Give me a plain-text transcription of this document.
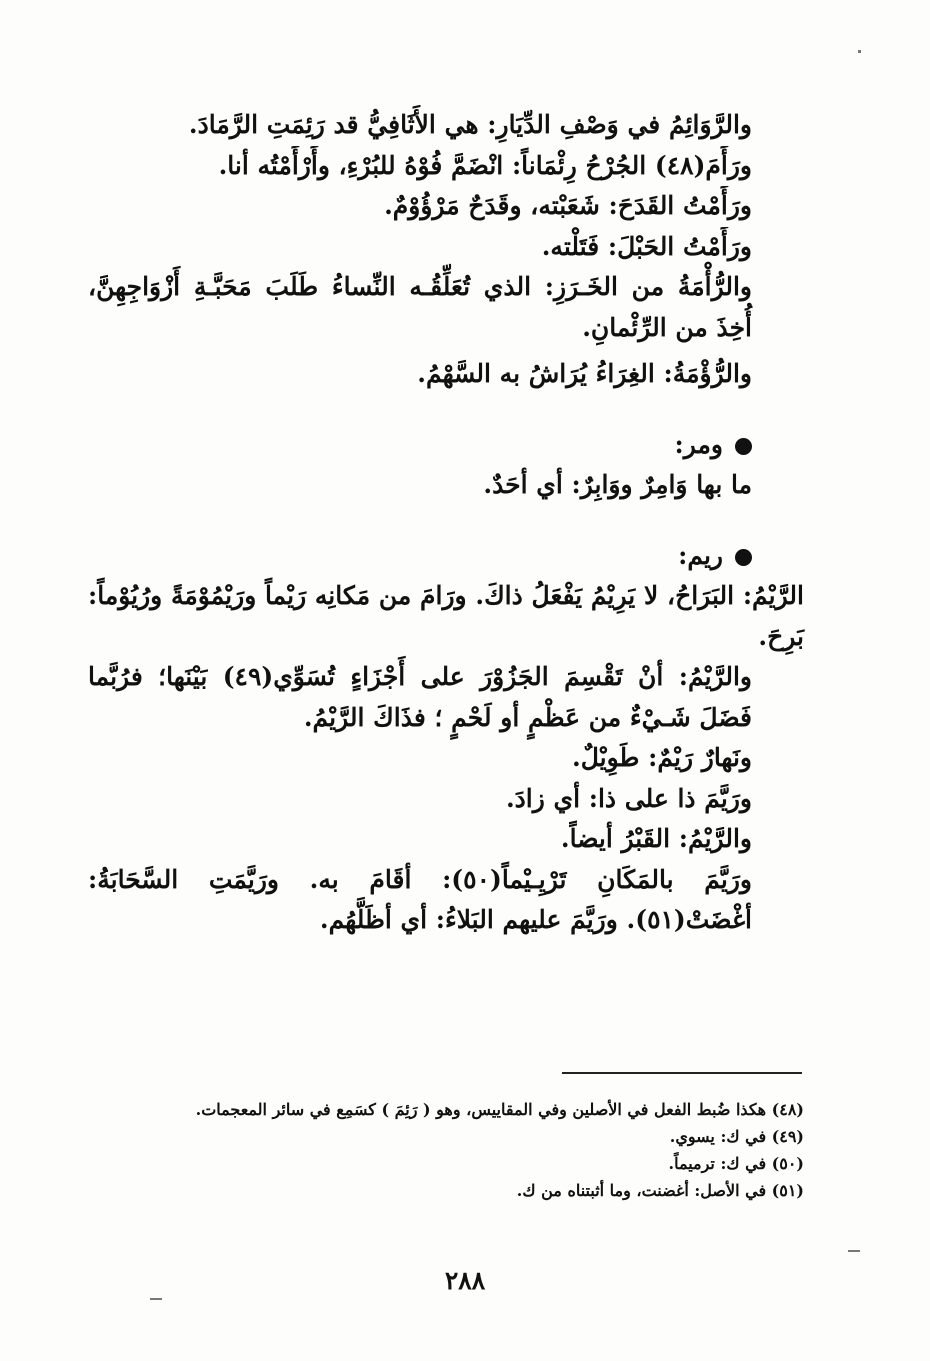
والرَّوَائِمُ في وَصْفِ الدِّيَارِ: هي الأَثَافِيُّ قد رَئِمَتِ الرَّمَادَ.

ورَأَمَ(٤٨) الجُرْحُ رِئْمَاناً: انْضَمَّ فُوْهُ للبُرْءِ، وأَرْأَمْتُه أنا.

ورَأَمْتُ القَدَحَ: شَعَبْته، وقَدَحٌ مَرْؤُوْمٌ.

ورَأَمْتُ الحَبْلَ: فَتَلْته.

والرُّأْمَةُ من الخَـرَزِ: الذي تُعَلِّقُـه النِّساءُ طَلَبَ مَحَبَّـةِ أَزْوَاجِهِنَّ، أُخِذَ من الرِّئْمانِ.

والرُّؤْمَةُ: الغِرَاءُ يُرَاشُ به السَّهْمُ.

ومر:

ما بها وَامِرٌ ووَابِرٌ: أي أحَدٌ.

ريم:

الرَّيْمُ: البَرَاحُ، لا يَرِيْمُ يَفْعَلُ ذاكَ. ورَامَ من مَكانِه رَيْماً ورَيْمُوْمَةً ورُيُوْماً: بَرِحَ.

والرَّيْمُ: أنْ تَقْسِمَ الجَزُوْرَ على أَجْزَاءٍ تُسَوِّي(٤٩) بَيْنَها؛ فرُبَّما فَضَلَ شَـيْءٌ من عَظْمٍ أو لَحْمٍ ؛ فذَاكَ الرَّيْمُ.

ونَهارٌ رَيْمٌ: طَوِيْلٌ.

ورَيَّمَ ذا على ذا: أي زادَ.

والرَّيْمُ: القَبْرُ أيضاً.

ورَيَّمَ بالمَكَانِ تَرْيِـيْماً(٥٠): أقَامَ به. ورَيَّمَتِ السَّحَابَةُ: أغْضَتْ(٥١). ورَيَّمَ عليهم البَلاءُ: أي أظَلَّهُم.

(٤٨) هكذا ضُبط الفعل في الأصلين وفي المقاييس، وهو ( رَئِمَ ) كسَمِع في سائر المعجمات.

(٤٩) في ك: يسوي.

(٥٠) في ك: ترميماً.

(٥١) في الأصل: أغضنت، وما أثبتناه من ك.

٢٨٨
